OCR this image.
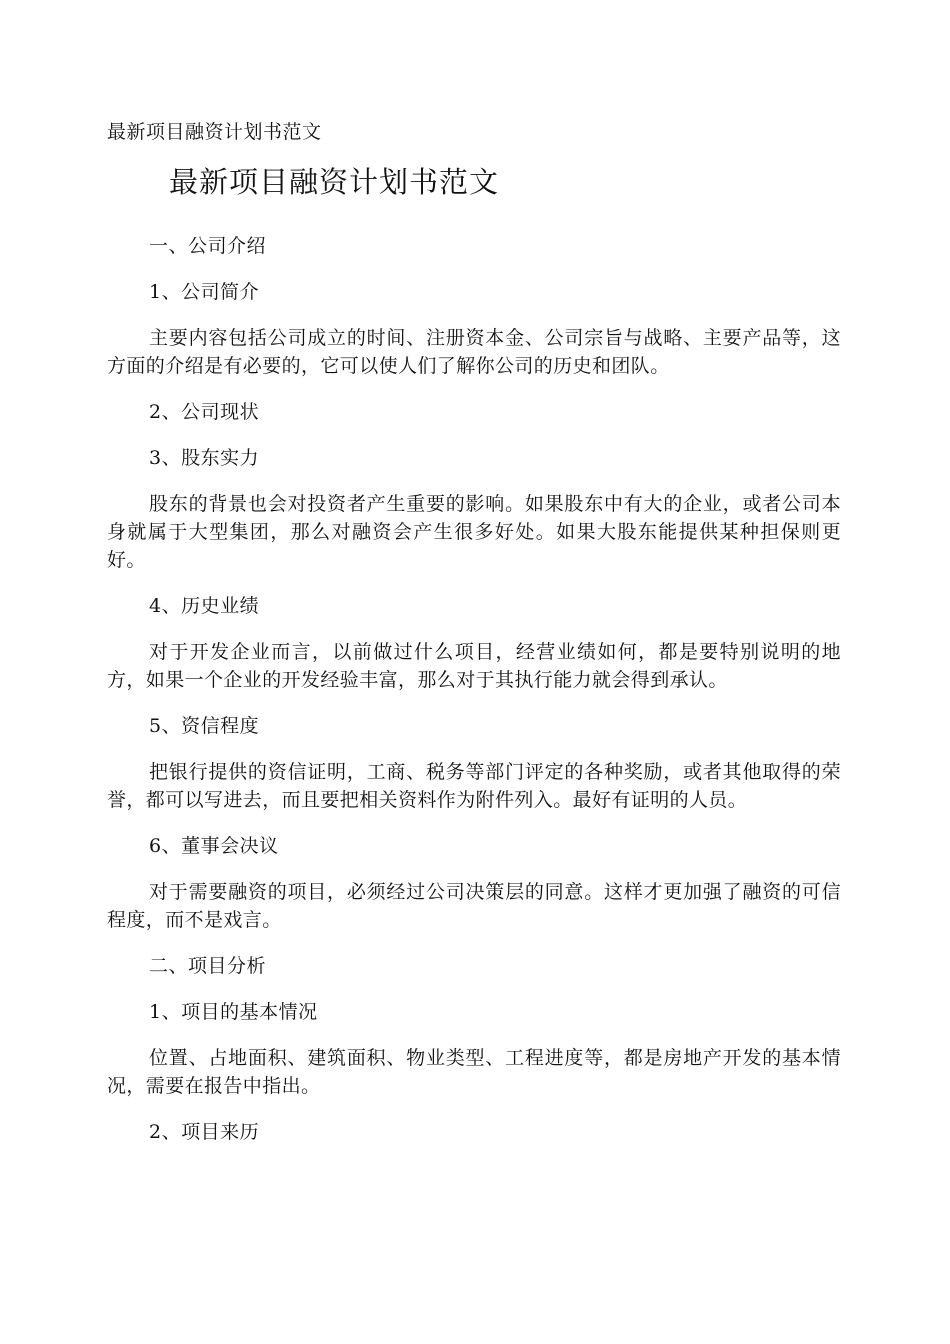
最新项目融资计划书范文
最新项目融资计划书范文
一、公司介绍
1、公司简介
主要内容包括公司成立的时间、注册资本金、公司宗旨与战略、主要产品等，这方面的介绍是有必要的，它可以使人们了解你公司的历史和团队。
2、公司现状
3、股东实力
股东的背景也会对投资者产生重要的影响。如果股东中有大的企业，或者公司本身就属于大型集团，那么对融资会产生很多好处。如果大股东能提供某种担保则更好。
4、历史业绩
对于开发企业而言，以前做过什么项目，经营业绩如何，都是要特别说明的地方，如果一个企业的开发经验丰富，那么对于其执行能力就会得到承认。
5、资信程度
把银行提供的资信证明，工商、税务等部门评定的各种奖励，或者其他取得的荣誉，都可以写进去，而且要把相关资料作为附件列入。最好有证明的人员。
6、董事会决议
对于需要融资的项目，必须经过公司决策层的同意。这样才更加强了融资的可信程度，而不是戏言。
二、项目分析
1、项目的基本情况
位置、占地面积、建筑面积、物业类型、工程进度等，都是房地产开发的基本情况，需要在报告中指出。
2、项目来历
